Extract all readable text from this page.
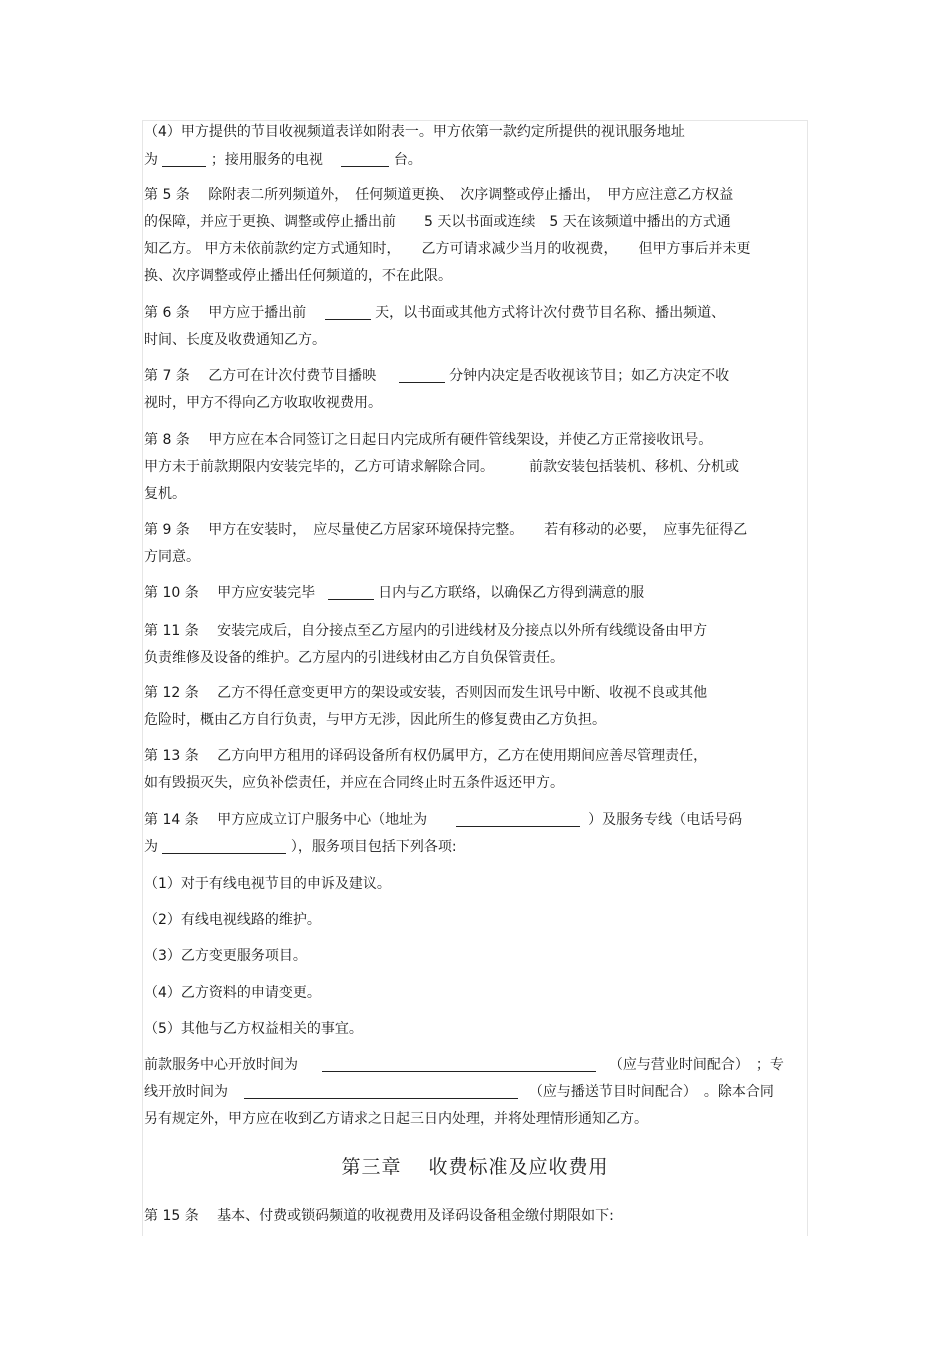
（4）甲方提供的节目收视频道表详如附表一。甲方依第一款约定所提供的视讯服务地址
为	；接用服务的电视	台。
第 5 条　 除附表二所列频道外，　任何频道更换、　次序调整或停止播出，　甲方应注意乙方权益
的保障，并应于更换、调整或停止播出前　　5 天以书面或连续　5 天在该频道中播出的方式通
知乙方。 甲方未依前款约定方式通知时，　　乙方可请求减少当月的收视费，　　但甲方事后并未更
换、次序调整或停止播出任何频道的，不在此限。
第 6 条　 甲方应于播出前	天，以书面或其他方式将计次付费节目名称、播出频道、
时间、长度及收费通知乙方。
第 7 条　 乙方可在计次付费节目播映	分钟内决定是否收视该节目；如乙方决定不收
视时，甲方不得向乙方收取收视费用。
第 8 条　 甲方应在本合同签订之日起日内完成所有硬件管线架设，并使乙方正常接收讯号。
甲方未于前款期限内安装完毕的，乙方可请求解除合同。　　　前款安装包括装机、移机、分机或
复机。
第 9 条　 甲方在安装时，　应尽量使乙方居家环境保持完整。　　若有移动的必要，　应事先征得乙
方同意。
第 10 条　 甲方应安装完毕	日内与乙方联络，以确保乙方得到满意的服
第 11 条　 安装完成后，自分接点至乙方屋内的引进线材及分接点以外所有线缆设备由甲方
负责维修及设备的维护。乙方屋内的引进线材由乙方自负保管责任。
第 12 条　 乙方不得任意变更甲方的架设或安装，否则因而发生讯号中断、收视不良或其他
危险时，概由乙方自行负责，与甲方无涉，因此所生的修复费由乙方负担。
第 13 条　 乙方向甲方租用的译码设备所有权仍属甲方，乙方在使用期间应善尽管理责任，
如有毁损灭失，应负补偿责任，并应在合同终止时五条件返还甲方。
第 14 条　 甲方应成立订户服务中心（地址为	）及服务专线（电话号码
为	），服务项目包括下列各项:
（1）对于有线电视节目的申诉及建议。
（2）有线电视线路的维护。
（3）乙方变更服务项目。
（4）乙方资料的申请变更。
（5）其他与乙方权益相关的事宜。
前款服务中心开放时间为	（应与营业时间配合）　；专
线开放时间为	（应与播送节目时间配合）　。除本合同
另有规定外，甲方应在收到乙方请求之日起三日内处理，并将处理情形通知乙方。
第三章  收费标准及应收费用
第 15 条　 基本、付费或锁码频道的收视费用及译码设备租金缴付期限如下:
